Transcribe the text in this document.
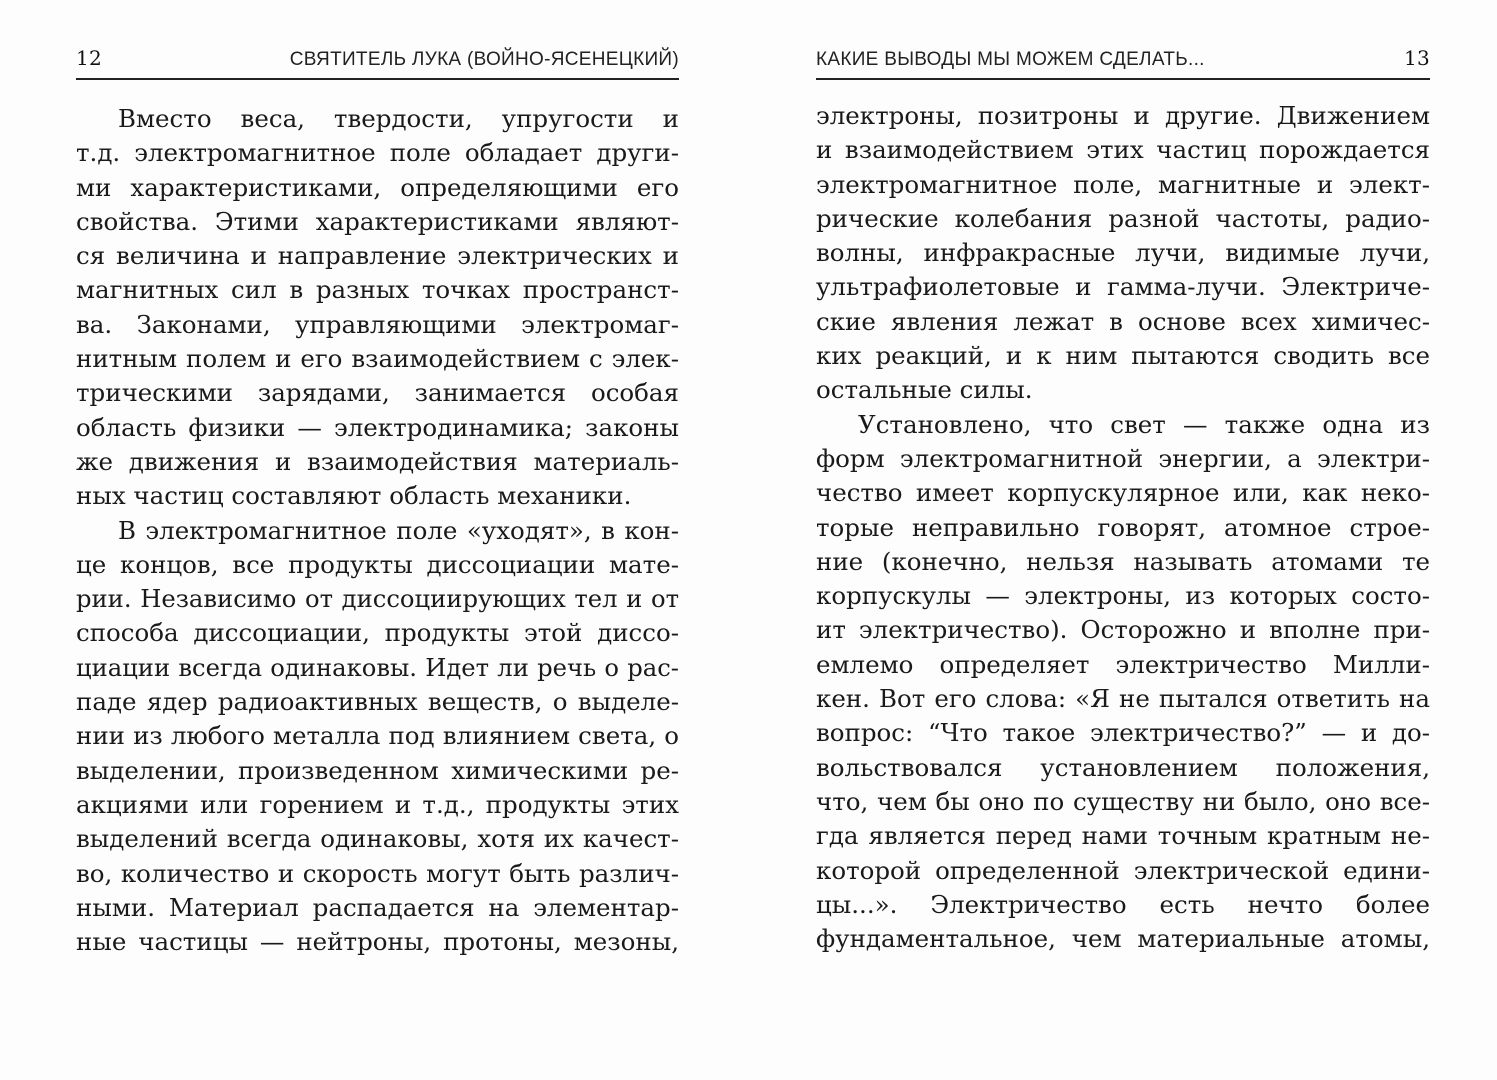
12	СВЯТИТЕЛЬ ЛУКА (ВОЙНО-ЯСЕНЕЦКИЙ)
Вместо веса, твердости, упругости и
т.д. электромагнитное поле обладает други-
ми характеристиками, определяющими его
свойства. Этими характеристиками являют-
ся величина и направление электрических и
магнитных сил в разных точках пространст-
ва. Законами, управляющими электромаг-
нитным полем и его взаимодействием с элек-
трическими зарядами, занимается особая
область физики — электродинамика; законы
же движения и взаимодействия материаль-
ных частиц составляют область механики.
В электромагнитное поле «уходят», в кон-
це концов, все продукты диссоциации мате-
рии. Независимо от диссоциирующих тел и от
способа диссоциации, продукты этой диссо-
циации всегда одинаковы. Идет ли речь о рас-
паде ядер радиоактивных веществ, о выделе-
нии из любого металла под влиянием света, о
выделении, произведенном химическими ре-
акциями или горением и т.д., продукты этих
выделений всегда одинаковы, хотя их качест-
во, количество и скорость могут быть различ-
ными. Материал распадается на элементар-
ные частицы — нейтроны, протоны, мезоны,
КАКИЕ ВЫВОДЫ МЫ МОЖЕМ СДЕЛАТЬ...	13
электроны, позитроны и другие. Движением
и взаимодействием этих частиц порождается
электромагнитное поле, магнитные и элект-
рические колебания разной частоты, радио-
волны, инфракрасные лучи, видимые лучи,
ультрафиолетовые и гамма-лучи. Электриче-
ские явления лежат в основе всех химичес-
ких реакций, и к ним пытаются сводить все
остальные силы.
Установлено, что свет — также одна из
форм электромагнитной энергии, а электри-
чество имеет корпускулярное или, как неко-
торые неправильно говорят, атомное строе-
ние (конечно, нельзя называть атомами те
корпускулы — электроны, из которых состо-
ит электричество). Осторожно и вполне при-
емлемо определяет электричество Милли-
кен. Вот его слова: «Я не пытался ответить на
вопрос: “Что такое электричество?” — и до-
вольствовался установлением положения,
что, чем бы оно по существу ни было, оно все-
гда является перед нами точным кратным не-
которой определенной электрической едини-
цы...». Электричество есть нечто более
фундаментальное, чем материальные атомы,
